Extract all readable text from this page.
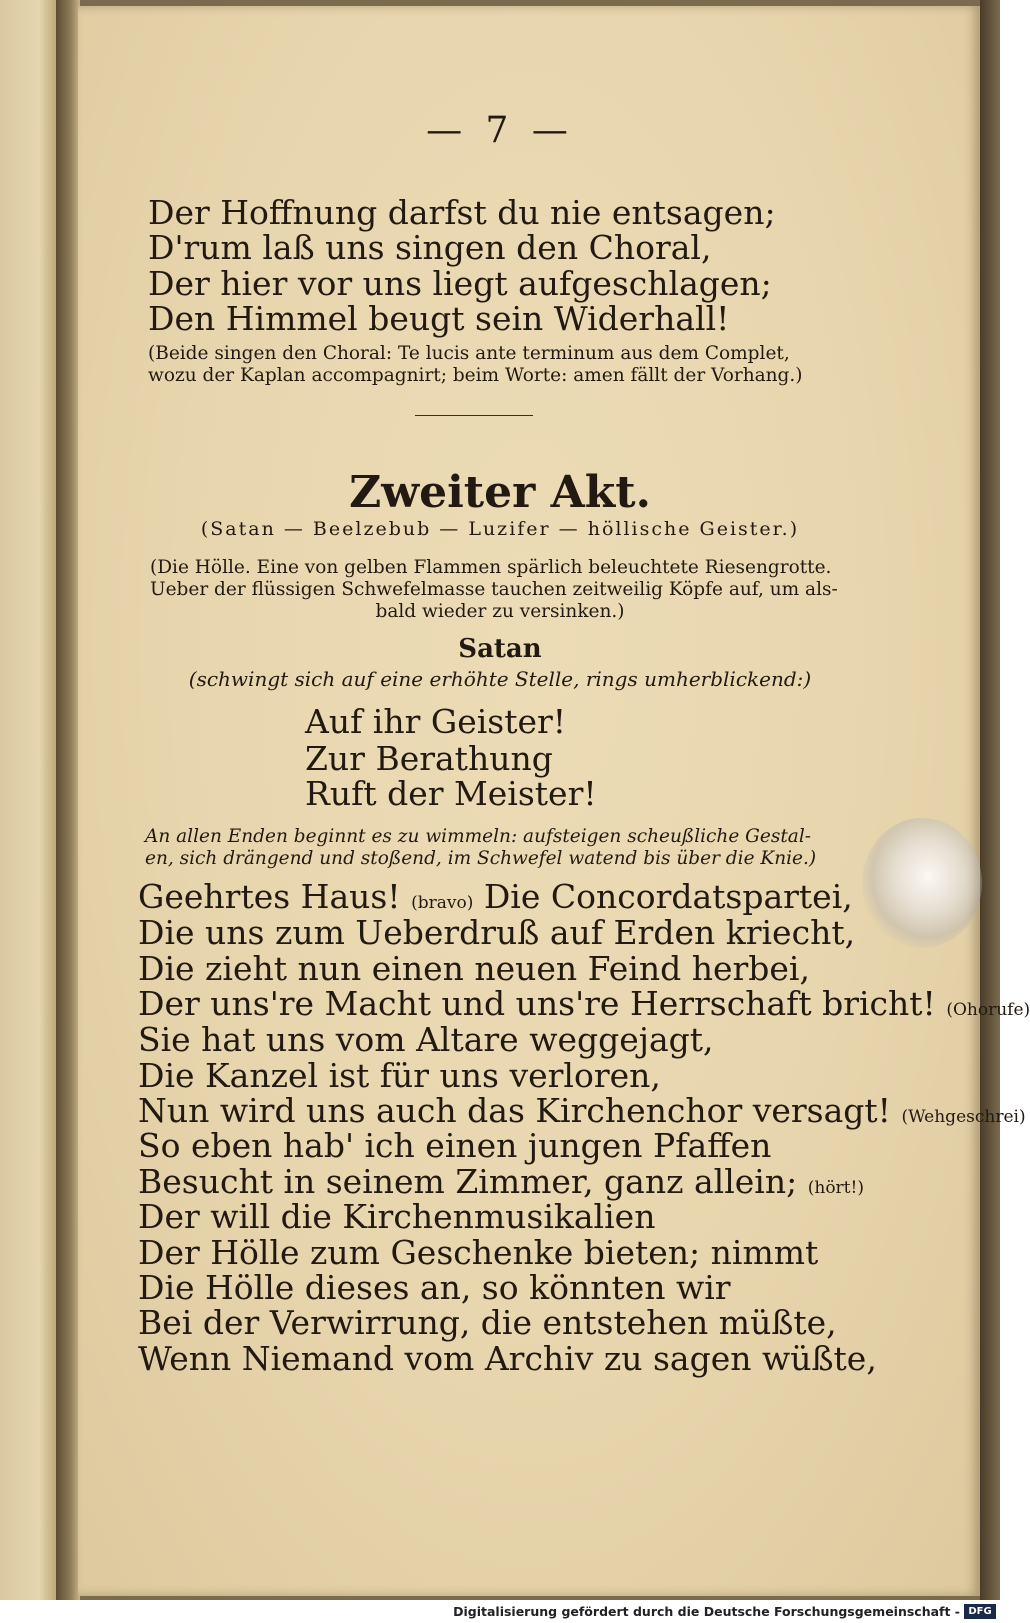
— 7 —
Der Hoffnung darfst du nie entsagen;
D'rum laß uns singen den Choral,
Der hier vor uns liegt aufgeschlagen;
Den Himmel beugt sein Widerhall!
(Beide singen den Choral: Te lucis ante terminum aus dem Complet,
wozu der Kaplan accompagnirt; beim Worte: amen fällt der Vorhang.)
Zweiter Akt.
(Satan — Beelzebub — Luzifer — höllische Geister.)
(Die Hölle. Eine von gelben Flammen spärlich beleuchtete Riesengrotte.
Ueber der flüssigen Schwefelmasse tauchen zeitweilig Köpfe auf, um als-
bald wieder zu versinken.)
Satan
(schwingt sich auf eine erhöhte Stelle, rings umherblickend:)
Auf ihr Geister!
Zur Berathung
Ruft der Meister!
An allen Enden beginnt es zu wimmeln: aufsteigen scheußliche Gestal-
en, sich drängend und stoßend, im Schwefel watend bis über die Knie.)
Geehrtes Haus! (bravo) Die Concordatspartei,
Die uns zum Ueberdruß auf Erden kriecht,
Die zieht nun einen neuen Feind herbei,
Der uns're Macht und uns're Herrschaft bricht! (Ohorufe)
Sie hat uns vom Altare weggejagt,
Die Kanzel ist für uns verloren,
Nun wird uns auch das Kirchenchor versagt! (Wehgeschrei)
So eben hab' ich einen jungen Pfaffen
Besucht in seinem Zimmer, ganz allein; (hört!)
Der will die Kirchenmusikalien
Der Hölle zum Geschenke bieten; nimmt
Die Hölle dieses an, so könnten wir
Bei der Verwirrung, die entstehen müßte,
Wenn Niemand vom Archiv zu sagen wüßte,
Digitalisierung gefördert durch die Deutsche Forschungsgemeinschaft - DFG
